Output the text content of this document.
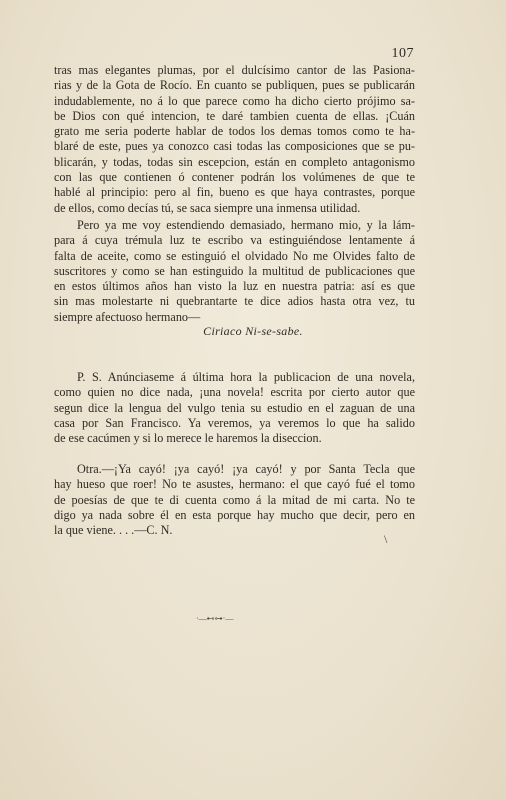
107
tras mas elegantes plumas, por el dulcísimo cantor de las Pasiona-
rias y de la Gota de Rocío. En cuanto se publiquen, pues se publicarán
indudablemente, no á lo que parece como ha dicho cierto prójimo sa-
be Dios con qué intencion, te daré tambien cuenta de ellas. ¡Cuán
grato me seria poderte hablar de todos los demas tomos como te ha-
blaré de este, pues ya conozco casi todas las composiciones que se pu-
blicarán, y todas, todas sin escepcion, están en completo antagonismo
con las que contienen ó contener podrán los volúmenes de que te
hablé al principio: pero al fin, bueno es que haya contrastes, porque
de ellos, como decías tú, se saca siempre una inmensa utilidad.
Pero ya me voy estendiendo demasiado, hermano mio, y la lám-
para á cuya trémula luz te escribo va estinguiéndose lentamente á
falta de aceite, como se estinguió el olvidado No me Olvides falto de
suscritores y como se han estinguido la multitud de publicaciones que
en estos últimos años han visto la luz en nuestra patria: así es que
sin mas molestarte ni quebrantarte te dice adios hasta otra vez, tu
siempre afectuoso hermano—
Ciriaco Ni-se-sabe.
P. S. Anúnciaseme á última hora la publicacion de una novela,
como quien no dice nada, ¡una novela! escrita por cierto autor que
segun dice la lengua del vulgo tenia su estudio en el zaguan de una
casa por San Francisco. Ya veremos, ya veremos lo que ha salido
de ese cacúmen y si lo merece le haremos la diseccion.
Otra.—¡Ya cayó! ¡ya cayó! ¡ya cayó! y por Santa Tecla que
hay hueso que roer! No te asustes, hermano: el que cayó fué el tomo
de poesías de que te di cuenta como á la mitad de mi carta. No te
digo ya nada sobre él en esta porque hay mucho que decir, pero en
la que viene. . . .—C. N.
\
·—⊷⊶·—
